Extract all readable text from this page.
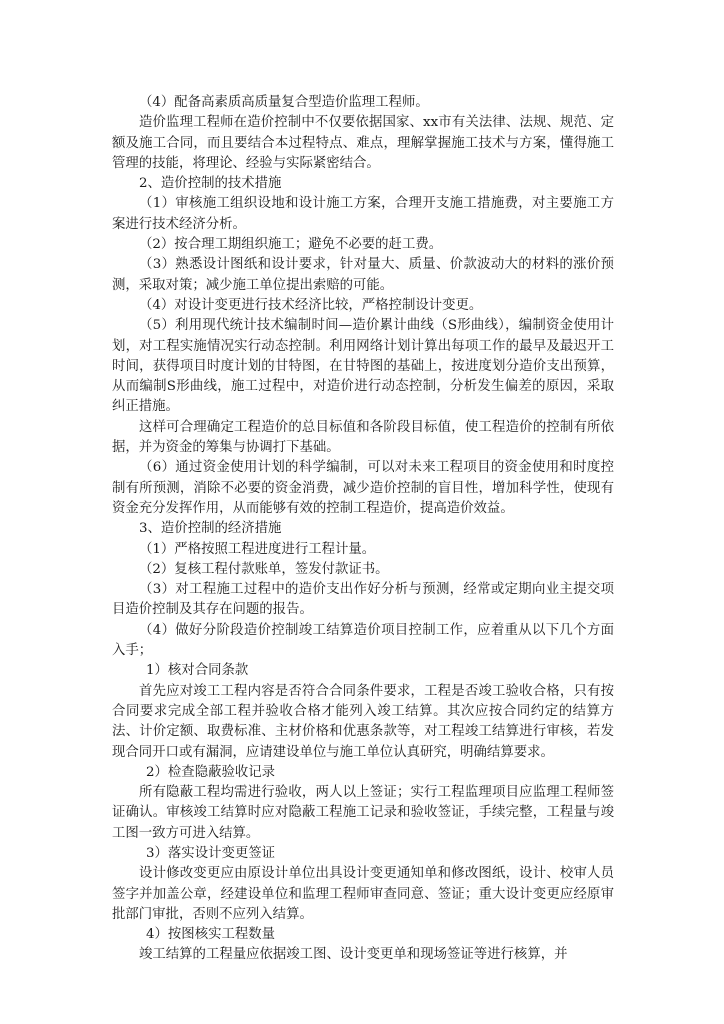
（4）配备高素质高质量复合型造价监理工程师。

造价监理工程师在造价控制中不仅要依据国家、xx市有关法律、法规、规范、定额及施工合同，而且要结合本过程特点、难点，理解掌握施工技术与方案，懂得施工管理的技能，将理论、经验与实际紧密结合。

2、造价控制的技术措施

（1）审核施工组织设地和设计施工方案，合理开支施工措施费，对主要施工方案进行技术经济分析。

（2）按合理工期组织施工；避免不必要的赶工费。

（3）熟悉设计图纸和设计要求，针对量大、质量、价款波动大的材料的涨价预测，采取对策；减少施工单位提出索赔的可能。

（4）对设计变更进行技术经济比较，严格控制设计变更。

（5）利用现代统计技术编制时间—造价累计曲线（S形曲线），编制资金使用计划，对工程实施情况实行动态控制。利用网络计划计算出每项工作的最早及最迟开工时间，获得项目时度计划的甘特图，在甘特图的基础上，按进度划分造价支出预算，从而编制S形曲线，施工过程中，对造价进行动态控制，分析发生偏差的原因，采取纠正措施。

这样可合理确定工程造价的总目标值和各阶段目标值，使工程造价的控制有所依据，并为资金的筹集与协调打下基础。

（6）通过资金使用计划的科学编制，可以对未来工程项目的资金使用和时度控制有所预测，消除不必要的资金消费，减少造价控制的盲目性，增加科学性，使现有资金充分发挥作用，从而能够有效的控制工程造价，提高造价效益。

3、造价控制的经济措施

（1）严格按照工程进度进行工程计量。

（2）复核工程付款账单，签发付款证书。

（3）对工程施工过程中的造价支出作好分析与预测，经常或定期向业主提交项目造价控制及其存在问题的报告。

（4）做好分阶段造价控制竣工结算造价项目控制工作，应着重从以下几个方面入手；

1）核对合同条款

首先应对竣工工程内容是否符合合同条件要求，工程是否竣工验收合格，只有按合同要求完成全部工程并验收合格才能列入竣工结算。其次应按合同约定的结算方法、计价定额、取费标准、主材价格和优惠条款等，对工程竣工结算进行审核，若发现合同开口或有漏洞，应请建设单位与施工单位认真研究，明确结算要求。

2）检查隐蔽验收记录

所有隐蔽工程均需进行验收，两人以上签证；实行工程监理项目应监理工程师签证确认。审核竣工结算时应对隐蔽工程施工记录和验收签证，手续完整，工程量与竣工图一致方可进入结算。

3）落实设计变更签证

设计修改变更应由原设计单位出具设计变更通知单和修改图纸，设计、校审人员签字并加盖公章，经建设单位和监理工程师审查同意、签证；重大设计变更应经原审批部门审批，否则不应列入结算。

4）按图核实工程数量

竣工结算的工程量应依据竣工图、设计变更单和现场签证等进行核算，并
